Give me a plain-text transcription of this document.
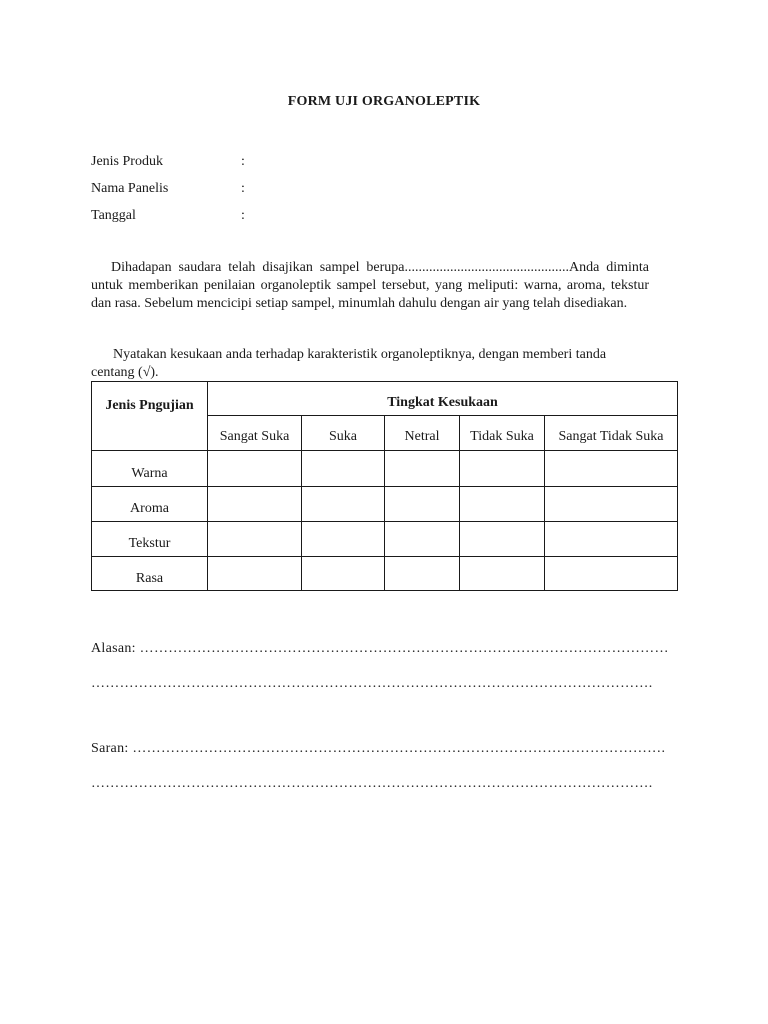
FORM UJI ORGANOLEPTIK
Jenis Produk	:
Nama Panelis	:
Tanggal	:
Dihadapan saudara telah disajikan sampel berupa...............................................Anda diminta untuk memberikan penilaian organoleptik sampel tersebut, yang meliputi: warna, aroma, tekstur dan rasa. Sebelum mencicipi setiap sampel, minumlah dahulu dengan air yang telah disediakan.
Nyatakan kesukaan anda terhadap karakteristik organoleptiknya, dengan memberi tanda centang (√).
Jenis Pngujian	Tingkat Kesukaan				
	Sangat Suka	Suka	Netral	Tidak Suka	Sangat Tidak Suka
Warna					
Aroma					
Tekstur					
Rasa					
Alasan: …………………………………………………………………………………………………
……………………………………………………………………………………………………….
Saran: ………………………………………………………………………………………………….
……………………………………………………………………………………………………….
